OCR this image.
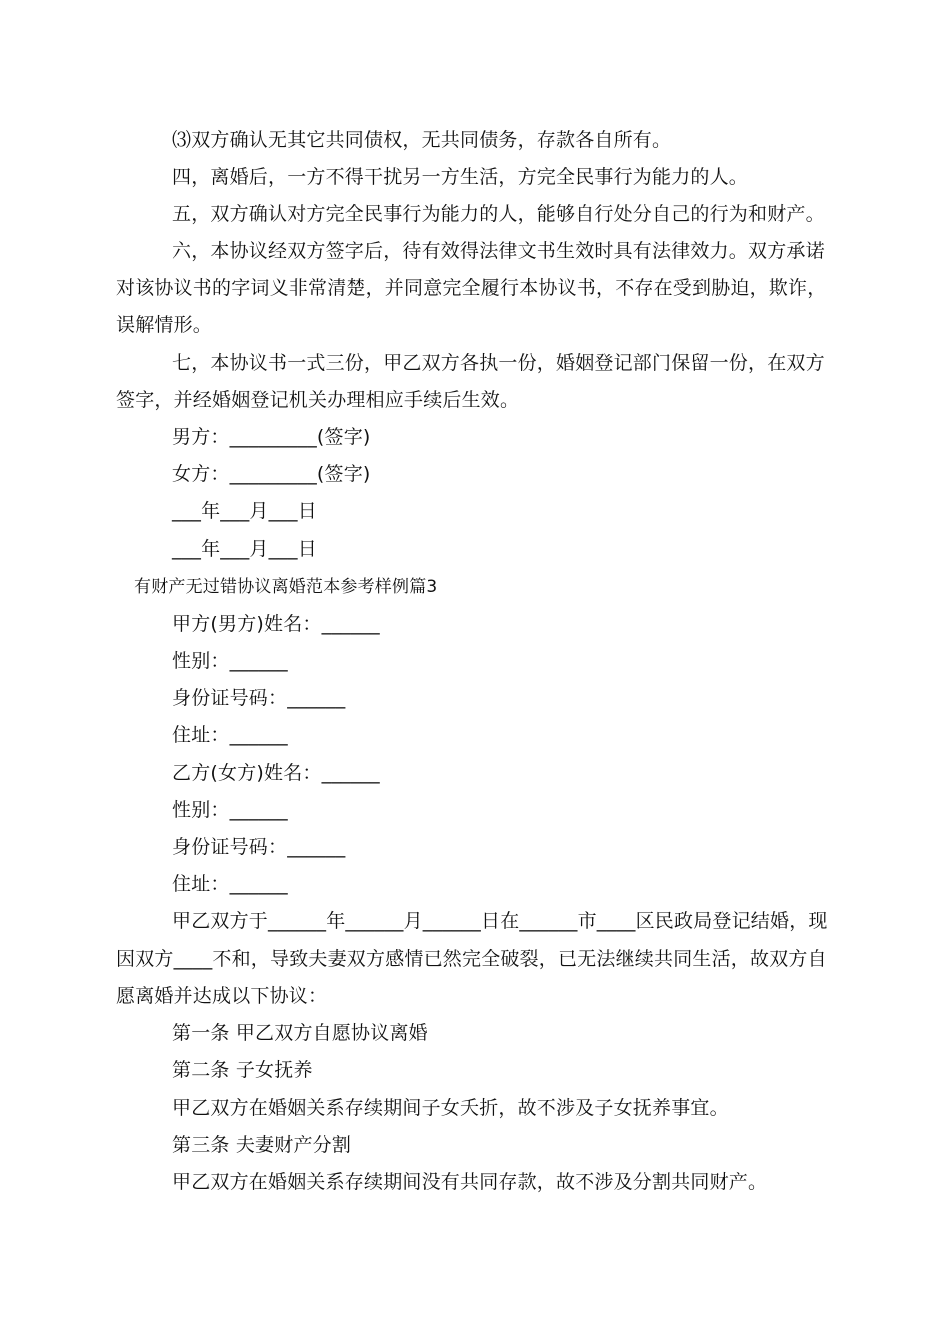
⑶双方确认无其它共同债权，无共同债务，存款各自所有。
四，离婚后，一方不得干扰另一方生活，方完全民事行为能力的人。
五，双方确认对方完全民事行为能力的人，能够自行处分自己的行为和财产。
六，本协议经双方签字后，待有效得法律文书生效时具有法律效力。双方承诺
对该协议书的字词义非常清楚，并同意完全履行本协议书，不存在受到胁迫，欺诈，
误解情形。
七，本协议书一式三份，甲乙双方各执一份，婚姻登记部门保留一份，在双方
签字，并经婚姻登记机关办理相应手续后生效。
男方：_________(签字)
女方：_________(签字)
___年___月___日
___年___月___日
有财产无过错协议离婚范本参考样例篇3
甲方(男方)姓名：______
性别：______
身份证号码：______
住址：______
乙方(女方)姓名：______
性别：______
身份证号码：______
住址：______
甲乙双方于______年______月______日在______市____区民政局登记结婚，现
因双方____不和，导致夫妻双方感情已然完全破裂，已无法继续共同生活，故双方自
愿离婚并达成以下协议：
第一条 甲乙双方自愿协议离婚
第二条 子女抚养
甲乙双方在婚姻关系存续期间子女夭折，故不涉及子女抚养事宜。
第三条 夫妻财产分割
甲乙双方在婚姻关系存续期间没有共同存款，故不涉及分割共同财产。
